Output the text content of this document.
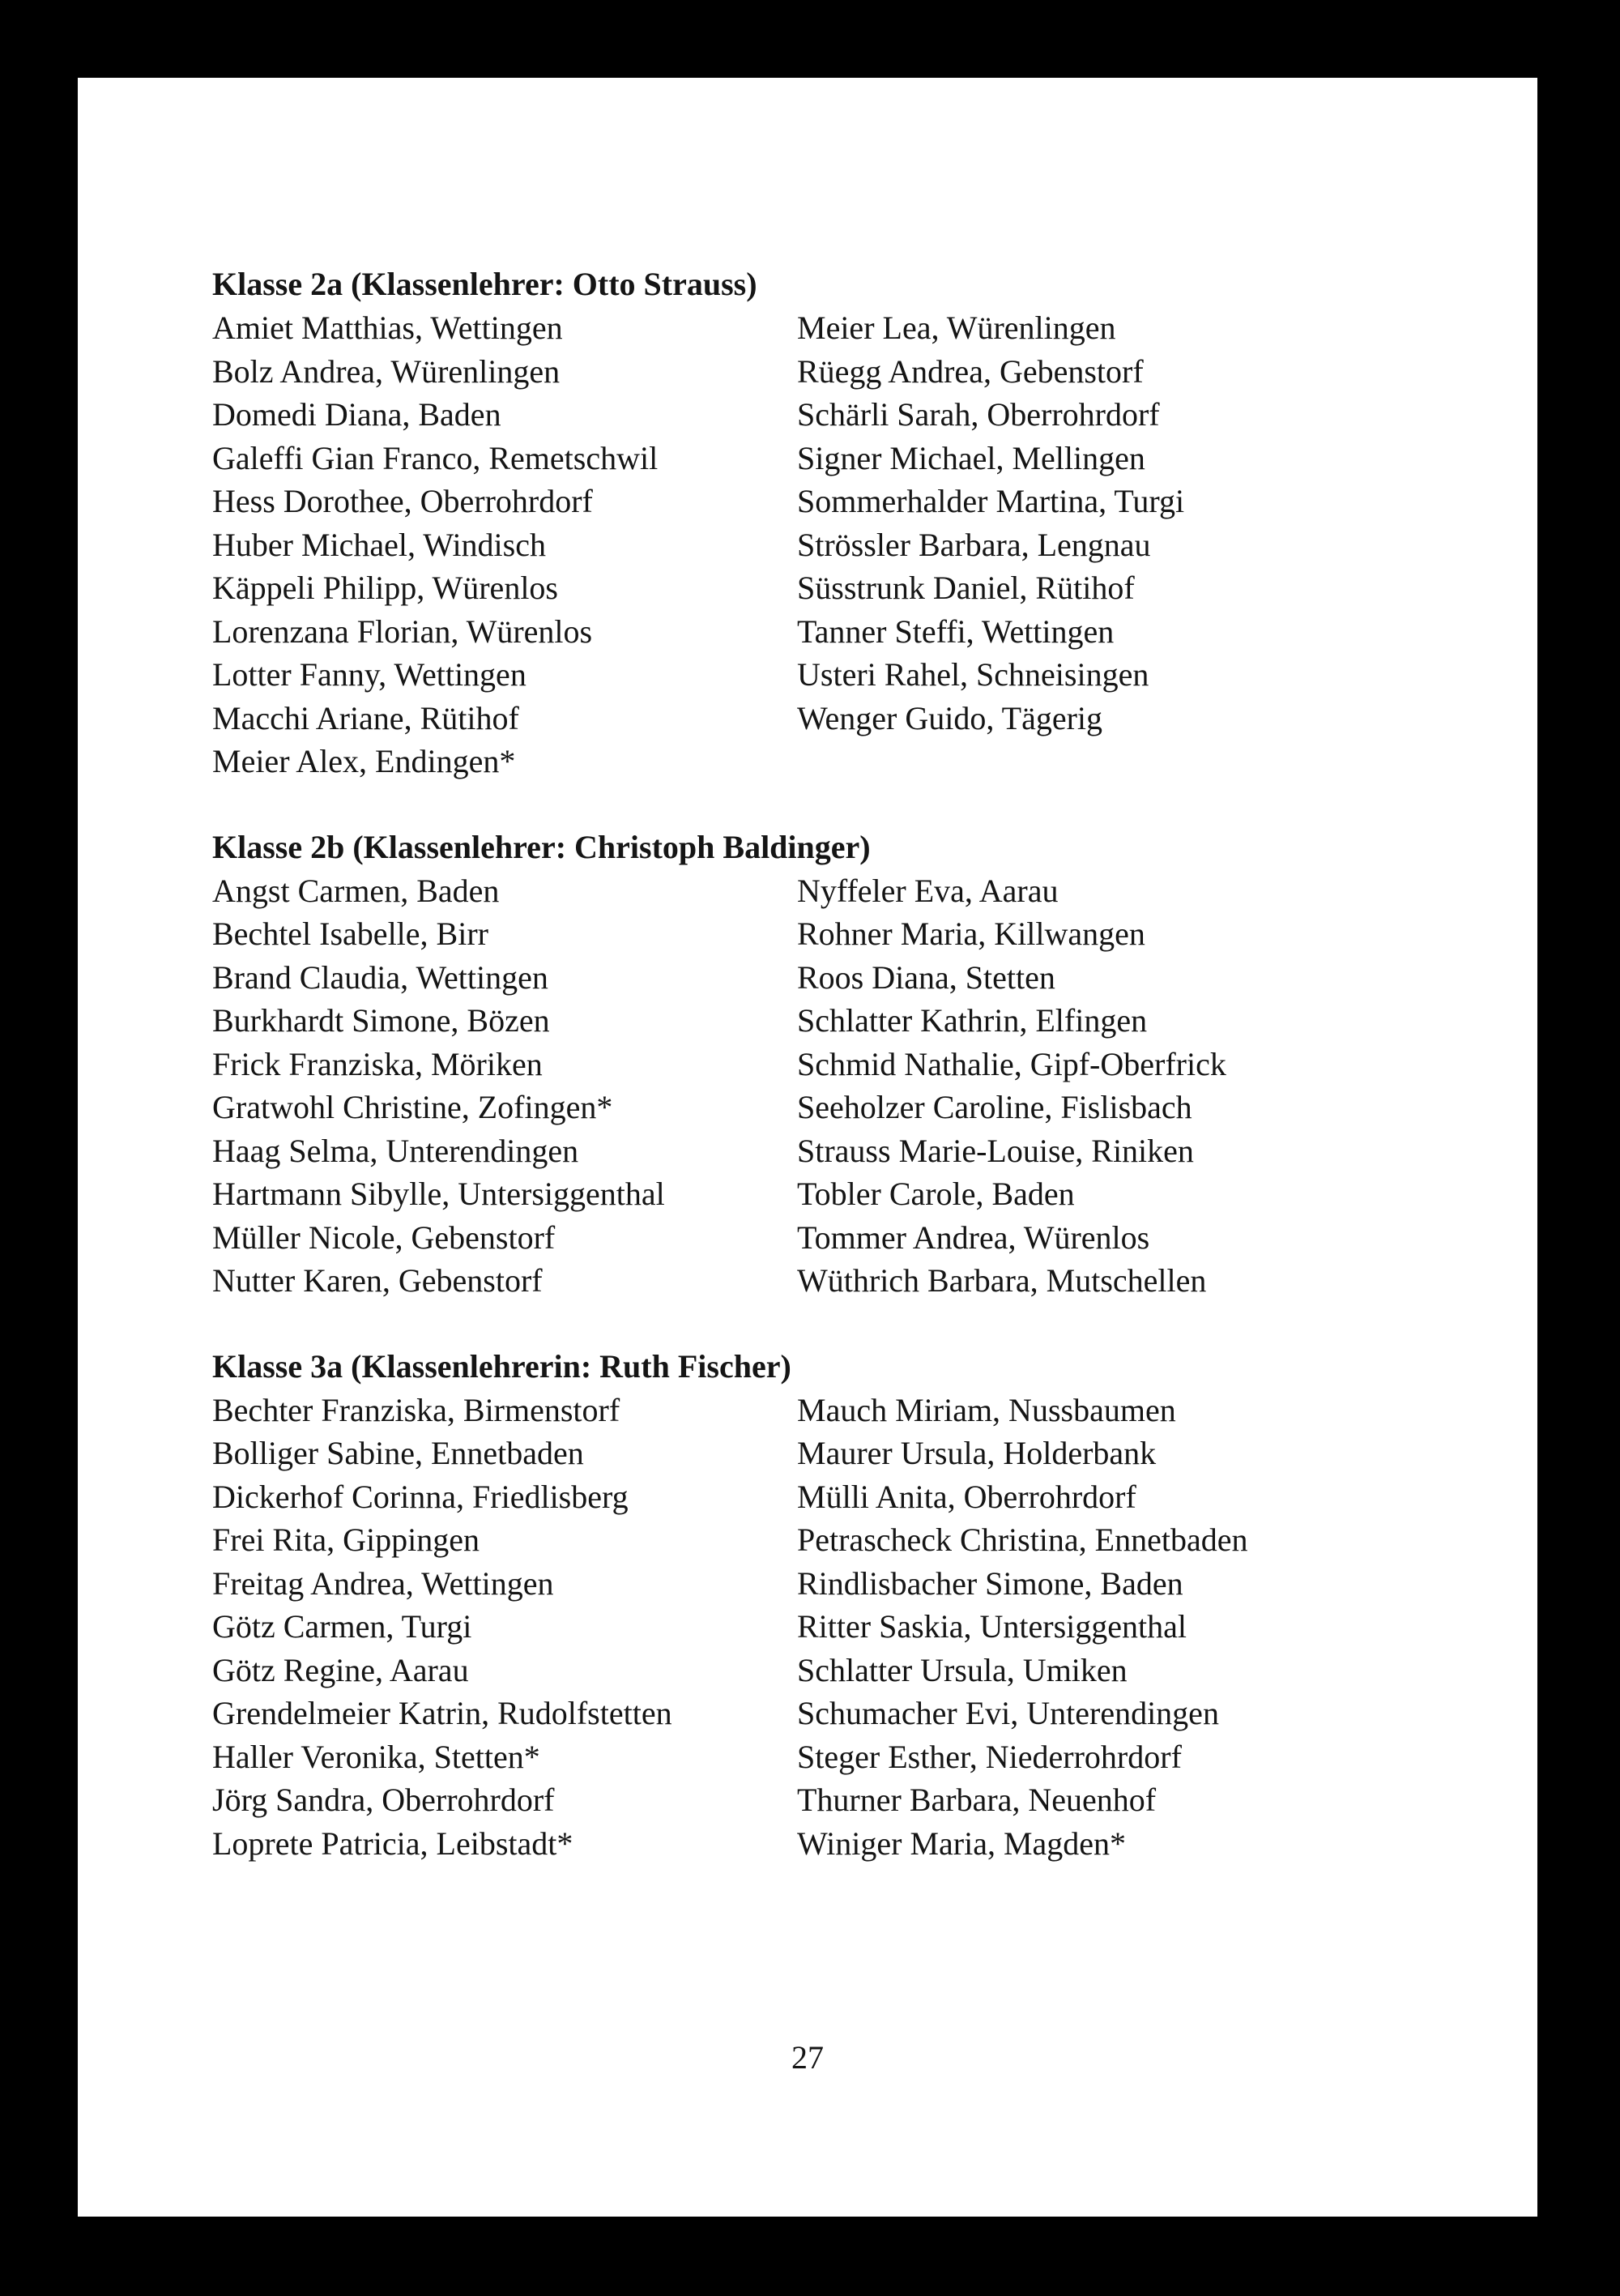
Klasse 2a (Klassenlehrer: Otto Strauss)
Amiet Matthias, Wettingen
Bolz Andrea, Würenlingen
Domedi Diana, Baden
Galeffi Gian Franco, Remetschwil
Hess Dorothee, Oberrohrdorf
Huber Michael, Windisch
Käppeli Philipp, Würenlos
Lorenzana Florian, Würenlos
Lotter Fanny, Wettingen
Macchi Ariane, Rütihof
Meier Alex, Endingen*
Meier Lea, Würenlingen
Rüegg Andrea, Gebenstorf
Schärli Sarah, Oberrohrdorf
Signer Michael, Mellingen
Sommerhalder Martina, Turgi
Strössler Barbara, Lengnau
Süsstrunk Daniel, Rütihof
Tanner Steffi, Wettingen
Usteri Rahel, Schneisingen
Wenger Guido, Tägerig
Klasse 2b (Klassenlehrer: Christoph Baldinger)
Angst Carmen, Baden
Bechtel Isabelle, Birr
Brand Claudia, Wettingen
Burkhardt Simone, Bözen
Frick Franziska, Möriken
Gratwohl Christine, Zofingen*
Haag Selma, Unterendingen
Hartmann Sibylle, Untersiggenthal
Müller Nicole, Gebenstorf
Nutter Karen, Gebenstorf
Nyffeler Eva, Aarau
Rohner Maria, Killwangen
Roos Diana, Stetten
Schlatter Kathrin, Elfingen
Schmid Nathalie, Gipf-Oberfrick
Seeholzer Caroline, Fislisbach
Strauss Marie-Louise, Riniken
Tobler Carole, Baden
Tommer Andrea, Würenlos
Wüthrich Barbara, Mutschellen
Klasse 3a (Klassenlehrerin: Ruth Fischer)
Bechter Franziska, Birmenstorf
Bolliger Sabine, Ennetbaden
Dickerhof Corinna, Friedlisberg
Frei Rita, Gippingen
Freitag Andrea, Wettingen
Götz Carmen, Turgi
Götz Regine, Aarau
Grendelmeier Katrin, Rudolfstetten
Haller Veronika, Stetten*
Jörg Sandra, Oberrohrdorf
Loprete Patricia, Leibstadt*
Mauch Miriam, Nussbaumen
Maurer Ursula, Holderbank
Mülli Anita, Oberrohrdorf
Petrascheck Christina, Ennetbaden
Rindlisbacher Simone, Baden
Ritter Saskia, Untersiggenthal
Schlatter Ursula, Umiken
Schumacher Evi, Unterendingen
Steger Esther, Niederrohrdorf
Thurner Barbara, Neuenhof
Winiger Maria, Magden*
27
